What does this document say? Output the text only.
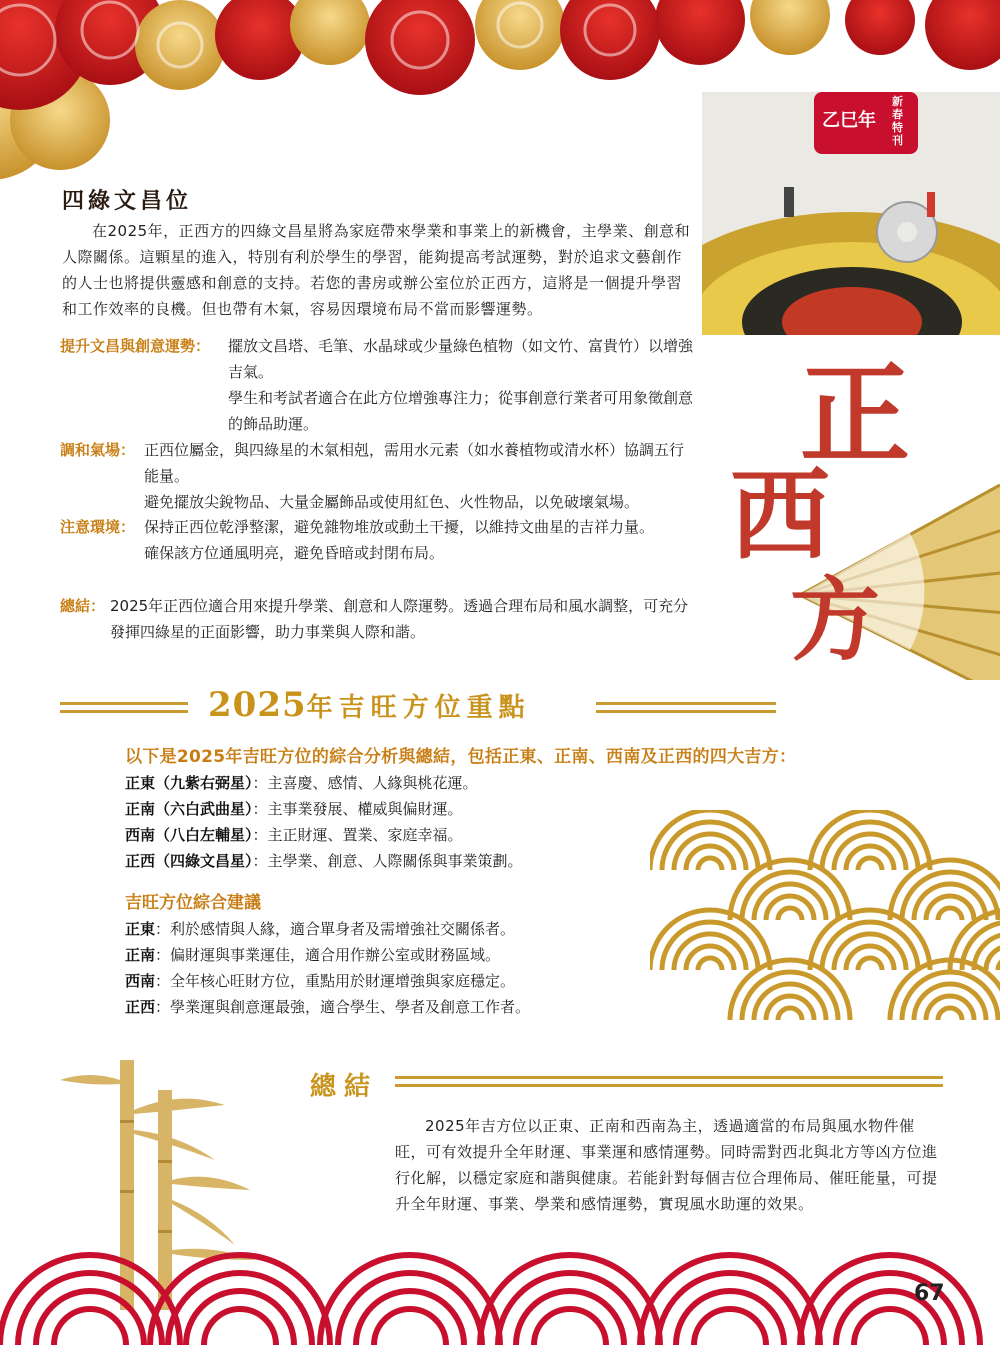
乙巳年
新春特刊
正
西
方
四綠文昌位
在2025年，正西方的四綠文昌星將為家庭帶來學業和事業上的新機會，主學業、創意和人際關係。這顆星的進入，特別有利於學生的學習，能夠提高考試運勢，對於追求文藝創作的人士也將提供靈感和創意的支持。若您的書房或辦公室位於正西方，這將是一個提升學習和工作效率的良機。但也帶有木氣，容易因環境布局不當而影響運勢。
提升文昌與創意運勢： 擺放文昌塔、毛筆、水晶球或少量綠色植物（如文竹、富貴竹）以增強吉氣。

學生和考試者適合在此方位增強專注力；從事創意行業者可用象徵創意的飾品助運。

調和氣場： 正西位屬金，與四綠星的木氣相剋，需用水元素（如水養植物或清水杯）協調五行能量。

避免擺放尖銳物品、大量金屬飾品或使用紅色、火性物品，以免破壞氣場。

注意環境： 保持正西位乾淨整潔，避免雜物堆放或動土干擾，以維持文曲星的吉祥力量。

確保該方位通風明亮，避免昏暗或封閉布局。

總結： 2025年正西位適合用來提升學業、創意和人際運勢。透過合理布局和風水調整，可充分發揮四綠星的正面影響，助力事業與人際和諧。

2025年吉旺方位重點
以下是2025年吉旺方位的綜合分析與總結，包括正東、正南、西南及正西的四大吉方：
正東（九紫右弼星）：主喜慶、感情、人緣與桃花運。
正南（六白武曲星）：主事業發展、權威與偏財運。
西南（八白左輔星）：主正財運、置業、家庭幸福。
正西（四綠文昌星）：主學業、創意、人際關係與事業策劃。
吉旺方位綜合建議
正東：利於感情與人緣，適合單身者及需增強社交關係者。
正南：偏財運與事業運佳，適合用作辦公室或財務區域。
西南：全年核心旺財方位，重點用於財運增強與家庭穩定。
正西：學業運與創意運最強，適合學生、學者及創意工作者。
總結
2025年吉方位以正東、正南和西南為主，透過適當的布局與風水物件催旺，可有效提升全年財運、事業運和感情運勢。同時需對西北與北方等凶方位進行化解，以穩定家庭和諧與健康。若能針對每個吉位合理佈局、催旺能量，可提升全年財運、事業、學業和感情運勢，實現風水助運的效果。
67
